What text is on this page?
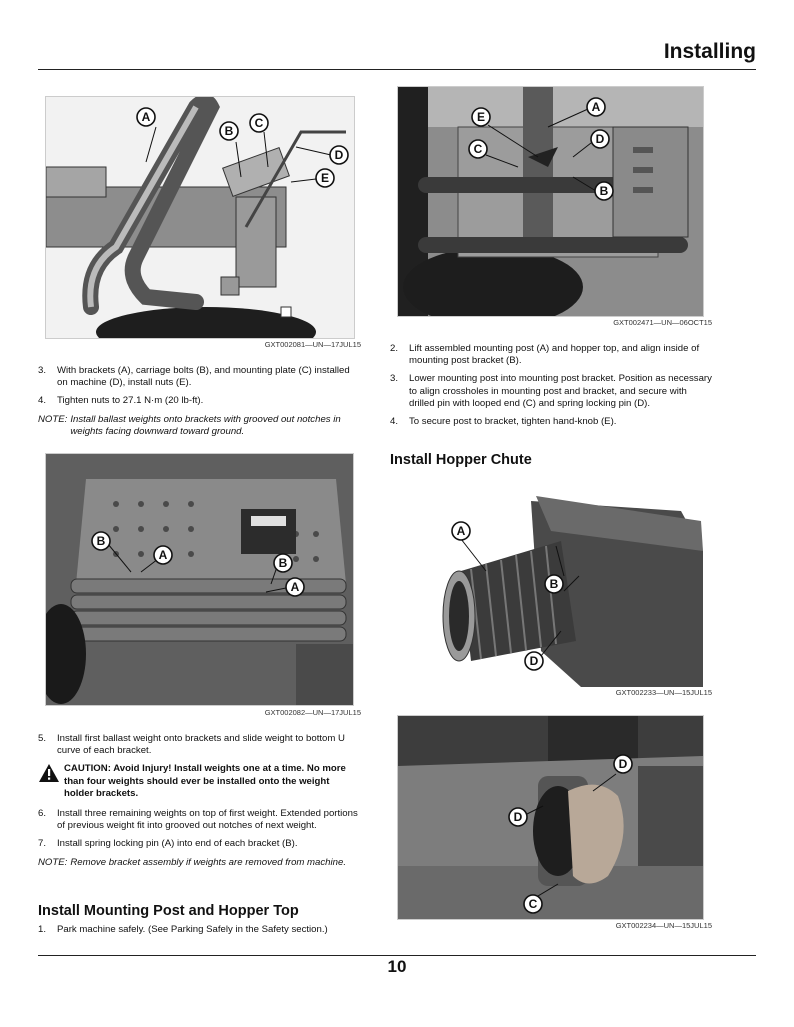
Installing
A
B
C
D
E
GXT002081—UN—17JUL15
3.	With brackets (A), carriage bolts (B), and mounting plate (C) installed on machine (D), install nuts (E).
4.	Tighten nuts to 27.1 N·m (20 lb-ft).
NOTE: Install ballast weights onto brackets with grooved out notches in weights facing downward toward ground.
B
A
B
A
GXT002082—UN—17JUL15
5.	Install first ballast weight onto brackets and slide weight to bottom U curve of each bracket.
CAUTION: Avoid Injury! Install weights one at a time. No more than four weights should ever be installed onto the weight holder brackets.
6.	Install three remaining weights on top of first weight. Extended portions of previous weight fit into grooved out notches of next weight.
7.	Install spring locking pin (A) into end of each bracket (B).
NOTE: Remove bracket assembly if weights are removed from machine.
Install Mounting Post and Hopper Top
1.	Park machine safely. (See Parking Safely in the Safety section.)
E
A
C
D
B
GXT002471—UN—06OCT15
2.	Lift assembled mounting post (A) and hopper top, and align inside of mounting post bracket (B).
3.	Lower mounting post into mounting post bracket. Position as necessary to align crossholes in mounting post and bracket, and secure with drilled pin with looped end (C) and spring locking pin (D).
4.	To secure post to bracket, tighten hand-knob (E).
Install Hopper Chute
A
B
D
GXT002233—UN—15JUL15
D
D
C
GXT002234—UN—15JUL15
10
